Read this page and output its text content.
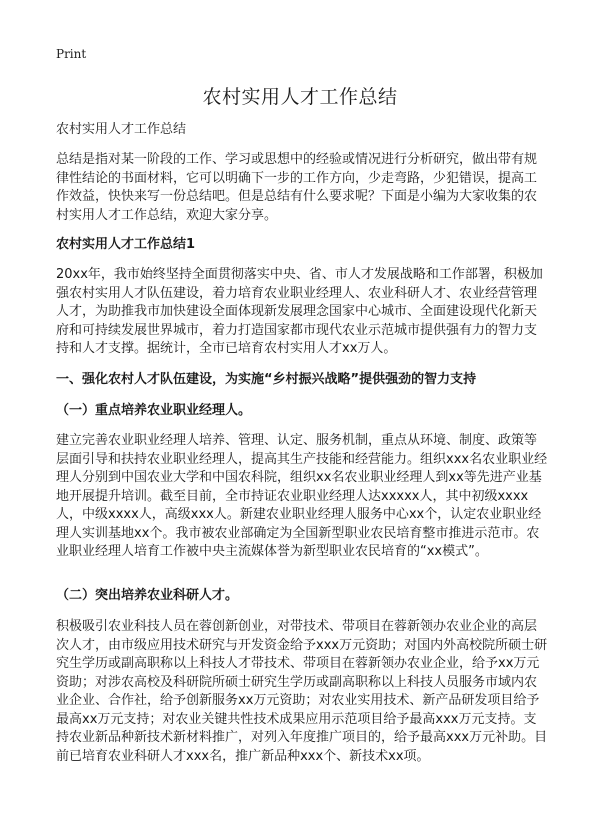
Print
农村实用人才工作总结

农村实用人才工作总结

总结是指对某一阶段的工作、学习或思想中的经验或情况进行分析研究，做出带有规律性结论的书面材料，它可以明确下一步的工作方向，少走弯路，少犯错误，提高工作效益，快快来写一份总结吧。但是总结有什么要求呢？下面是小编为大家收集的农村实用人才工作总结，欢迎大家分享。

农村实用人才工作总结1

20xx年，我市始终坚持全面贯彻落实中央、省、市人才发展战略和工作部署，积极加强农村实用人才队伍建设，着力培育农业职业经理人、农业科研人才、农业经营管理人才，为助推我市加快建设全面体现新发展理念国家中心城市、全面建设现代化新天府和可持续发展世界城市，着力打造国家都市现代农业示范城市提供强有力的智力支持和人才支撑。据统计，全市已培育农村实用人才xx万人。

一、强化农村人才队伍建设，为实施“乡村振兴战略”提供强劲的智力支持

（一）重点培养农业职业经理人。

建立完善农业职业经理人培养、管理、认定、服务机制，重点从环境、制度、政策等层面引导和扶持农业职业经理人，提高其生产技能和经营能力。组织xxx名农业职业经理人分别到中国农业大学和中国农科院，组织xx名农业职业经理人到xx等先进产业基地开展提升培训。截至目前，全市持证农业职业经理人达xxxxx人，其中初级xxxx人，中级xxxx人，高级xxx人。新建农业职业经理人服务中心xx个，认定农业职业经理人实训基地xx个。我市被农业部确定为全国新型职业农民培育整市推进示范市。农业职业经理人培育工作被中央主流媒体誉为新型职业农民培育的“xx模式”。

（二）突出培养农业科研人才。

积极吸引农业科技人员在蓉创新创业，对带技术、带项目在蓉新领办农业企业的高层次人才，由市级应用技术研究与开发资金给予xxx万元资助；对国内外高校院所硕士研究生学历或副高职称以上科技人才带技术、带项目在蓉新领办农业企业，给予xx万元资助；对涉农高校及科研院所硕士研究生学历或副高职称以上科技人员服务市域内农业企业、合作社，给予创新服务xx万元资助；对农业实用技术、新产品研发项目给予最高xx万元支持；对农业关键共性技术成果应用示范项目给予最高xxx万元支持。支持农业新品种新技术新材料推广，对列入年度推广项目的，给予最高xxx万元补助。目前已培育农业科研人才xxx名，推广新品种xxx个、新技术xx项。
